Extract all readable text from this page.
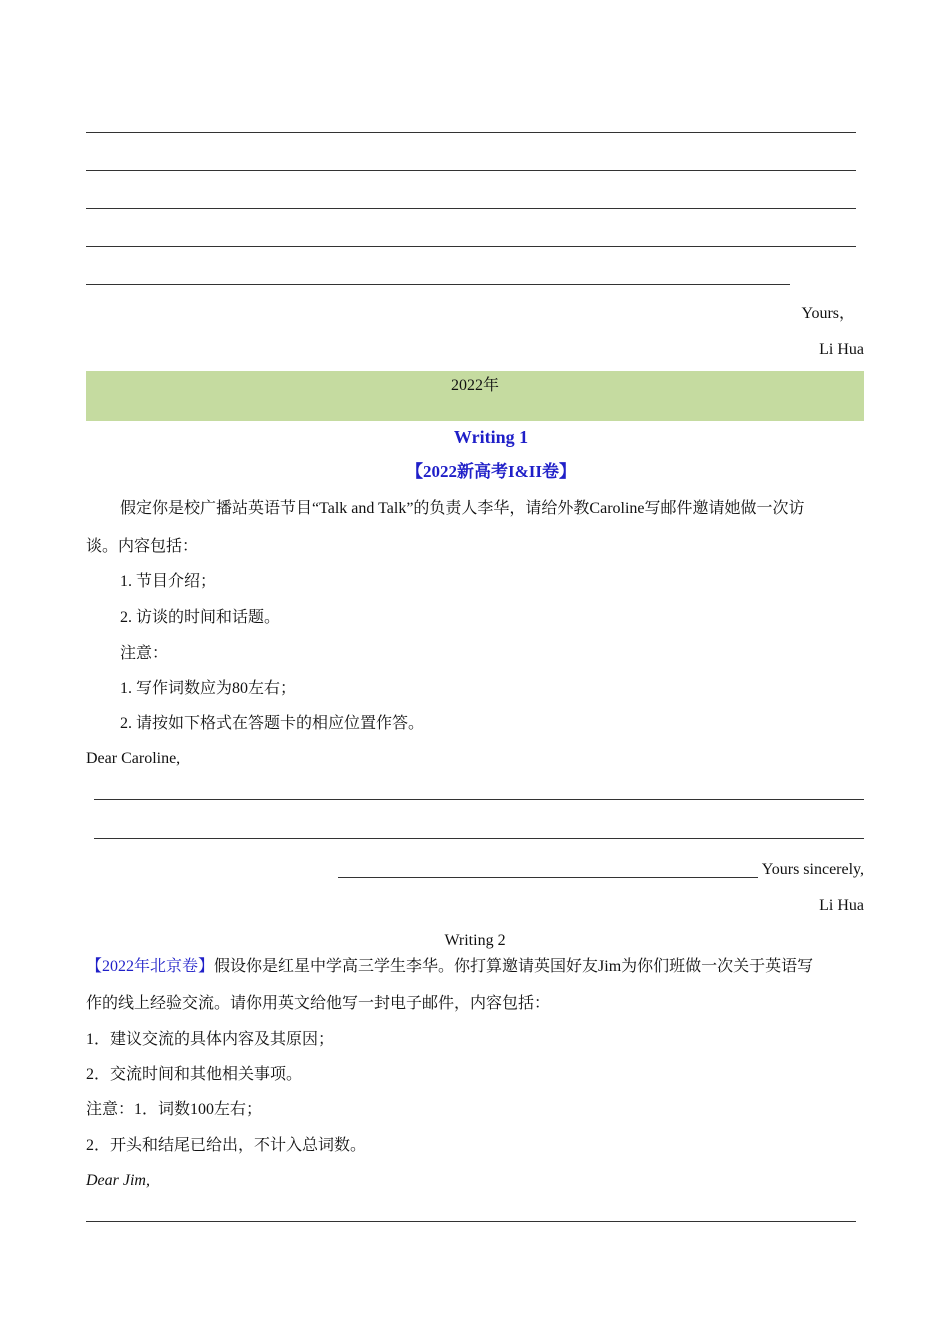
Yours，
Li Hua
2022年
Writing 1
【2022新高考I&II卷】
假定你是校广播站英语节目“Talk and Talk”的负责人李华，请给外教Caroline写邮件邀请她做一次访
谈。内容包括：
1. 节目介绍；
2. 访谈的时间和话题。
注意：
1. 写作词数应为80左右；
2. 请按如下格式在答题卡的相应位置作答。
Dear Caroline,
Yours sincerely,
Li Hua
Writing 2
【2022年北京卷】假设你是红星中学高三学生李华。你打算邀请英国好友Jim为你们班做一次关于英语写
作的线上经验交流。请你用英文给他写一封电子邮件，内容包括：
1．建议交流的具体内容及其原因；
2．交流时间和其他相关事项。
注意：1．词数100左右；
2．开头和结尾已给出，不计入总词数。
Dear Jim,
